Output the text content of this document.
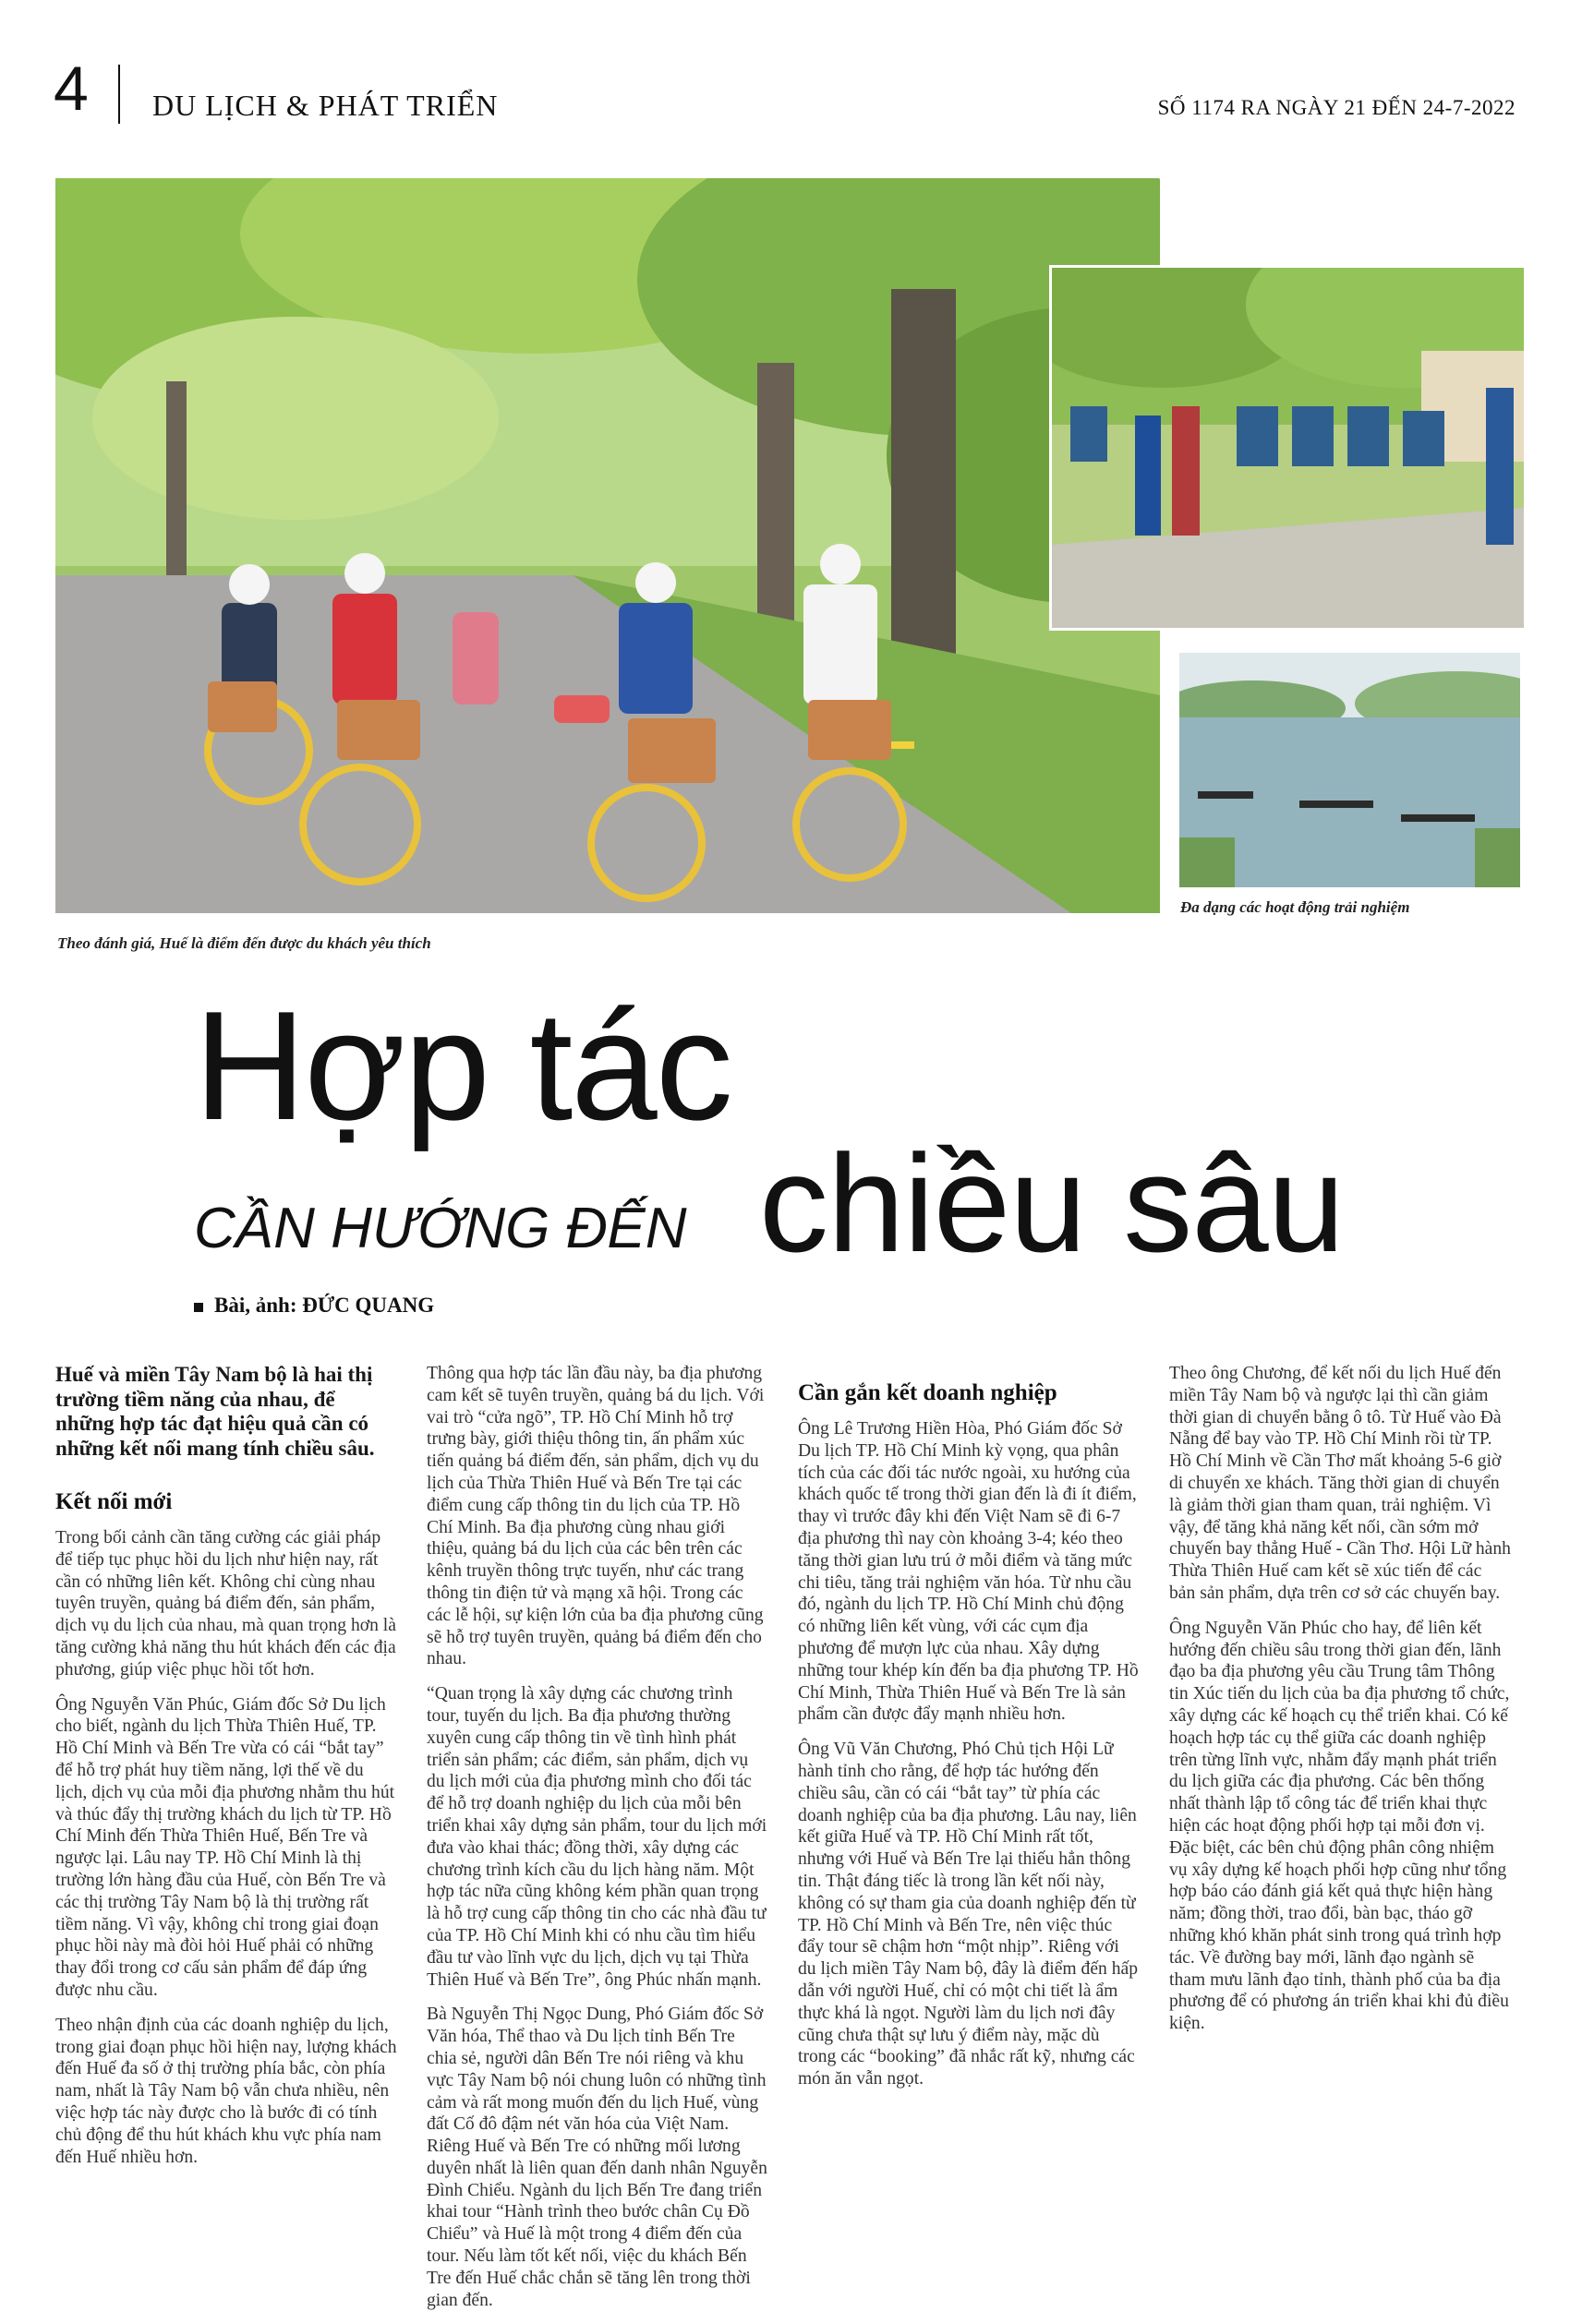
4 DU LỊCH & PHÁT TRIỂN	SỐ 1174 RA NGÀY 21 ĐẾN 24-7-2022
Theo đánh giá, Huế là điểm đến được du khách yêu thích
Đa dạng các hoạt động trải nghiệm
Hợp tác
CẦN HƯỚNG ĐẾN chiều sâu
Bài, ảnh: ĐỨC QUANG

Huế và miền Tây Nam bộ là hai thị trường tiềm năng của nhau, để những hợp tác đạt hiệu quả cần có những kết nối mang tính chiều sâu.

Kết nối mới

Trong bối cảnh cần tăng cường các giải pháp để tiếp tục phục hồi du lịch như hiện nay, rất cần có những liên kết. Không chỉ cùng nhau tuyên truyền, quảng bá điểm đến, sản phẩm, dịch vụ du lịch của nhau, mà quan trọng hơn là tăng cường khả năng thu hút khách đến các địa phương, giúp việc phục hồi tốt hơn.

Ông Nguyễn Văn Phúc, Giám đốc Sở Du lịch cho biết, ngành du lịch Thừa Thiên Huế, TP. Hồ Chí Minh và Bến Tre vừa có cái “bắt tay” để hỗ trợ phát huy tiềm năng, lợi thế về du lịch, dịch vụ của mỗi địa phương nhằm thu hút và thúc đẩy thị trường khách du lịch từ TP. Hồ Chí Minh đến Thừa Thiên Huế, Bến Tre và ngược lại. Lâu nay TP. Hồ Chí Minh là thị trường lớn hàng đầu của Huế, còn Bến Tre và các thị trường Tây Nam bộ là thị trường rất tiềm năng. Vì vậy, không chỉ trong giai đoạn phục hồi này mà đòi hỏi Huế phải có những thay đổi trong cơ cấu sản phẩm để đáp ứng được nhu cầu.

Theo nhận định của các doanh nghiệp du lịch, trong giai đoạn phục hồi hiện nay, lượng khách đến Huế đa số ở thị trường phía bắc, còn phía nam, nhất là Tây Nam bộ vẫn chưa nhiều, nên việc hợp tác này được cho là bước đi có tính chủ động để thu hút khách khu vực phía nam đến Huế nhiều hơn.

Thông qua hợp tác lần đầu này, ba địa phương cam kết sẽ tuyên truyền, quảng bá du lịch. Với vai trò “cửa ngõ”, TP. Hồ Chí Minh hỗ trợ trưng bày, giới thiệu thông tin, ấn phẩm xúc tiến quảng bá điểm đến, sản phẩm, dịch vụ du lịch của Thừa Thiên Huế và Bến Tre tại các điểm cung cấp thông tin du lịch của TP. Hồ Chí Minh. Ba địa phương cùng nhau giới thiệu, quảng bá du lịch của các bên trên các kênh truyền thông trực tuyến, như các trang thông tin điện tử và mạng xã hội. Trong các các lễ hội, sự kiện lớn của ba địa phương cũng sẽ hỗ trợ tuyên truyền, quảng bá điểm đến cho nhau.

“Quan trọng là xây dựng các chương trình tour, tuyến du lịch. Ba địa phương thường xuyên cung cấp thông tin về tình hình phát triển sản phẩm; các điểm, sản phẩm, dịch vụ du lịch mới của địa phương mình cho đối tác để hỗ trợ doanh nghiệp du lịch của mỗi bên triển khai xây dựng sản phẩm, tour du lịch mới đưa vào khai thác; đồng thời, xây dựng các chương trình kích cầu du lịch hàng năm. Một hợp tác nữa cũng không kém phần quan trọng là hỗ trợ cung cấp thông tin cho các nhà đầu tư của TP. Hồ Chí Minh khi có nhu cầu tìm hiểu đầu tư vào lĩnh vực du lịch, dịch vụ tại Thừa Thiên Huế và Bến Tre”, ông Phúc nhấn mạnh.

Bà Nguyễn Thị Ngọc Dung, Phó Giám đốc Sở Văn hóa, Thể thao và Du lịch tỉnh Bến Tre chia sẻ, người dân Bến Tre nói riêng và khu vực Tây Nam bộ nói chung luôn có những tình cảm và rất mong muốn đến du lịch Huế, vùng đất Cố đô đậm nét văn hóa của Việt Nam. Riêng Huế và Bến Tre có những mối lương duyên nhất là liên quan đến danh nhân Nguyễn Đình Chiểu. Ngành du lịch Bến Tre đang triển khai tour “Hành trình theo bước chân Cụ Đồ Chiểu” và Huế là một trong 4 điểm đến của tour. Nếu làm tốt kết nối, việc du khách Bến Tre đến Huế chắc chắn sẽ tăng lên trong thời gian đến.

Cần gắn kết doanh nghiệp

Ông Lê Trương Hiền Hòa, Phó Giám đốc Sở Du lịch TP. Hồ Chí Minh kỳ vọng, qua phân tích của các đối tác nước ngoài, xu hướng của khách quốc tế trong thời gian đến là đi ít điểm, thay vì trước đây khi đến Việt Nam sẽ đi 6-7 địa phương thì nay còn khoảng 3-4; kéo theo tăng thời gian lưu trú ở mỗi điểm và tăng mức chi tiêu, tăng trải nghiệm văn hóa. Từ nhu cầu đó, ngành du lịch TP. Hồ Chí Minh chủ động có những liên kết vùng, với các cụm địa phương để mượn lực của nhau. Xây dựng những tour khép kín đến ba địa phương TP. Hồ Chí Minh, Thừa Thiên Huế và Bến Tre là sản phẩm cần được đẩy mạnh nhiều hơn.

Ông Vũ Văn Chương, Phó Chủ tịch Hội Lữ hành tỉnh cho rằng, để hợp tác hướng đến chiều sâu, cần có cái “bắt tay” từ phía các doanh nghiệp của ba địa phương. Lâu nay, liên kết giữa Huế và TP. Hồ Chí Minh rất tốt, nhưng với Huế và Bến Tre lại thiếu hẳn thông tin. Thật đáng tiếc là trong lần kết nối này, không có sự tham gia của doanh nghiệp đến từ TP. Hồ Chí Minh và Bến Tre, nên việc thúc đẩy tour sẽ chậm hơn “một nhịp”. Riêng với du lịch miền Tây Nam bộ, đây là điểm đến hấp dẫn với người Huế, chỉ có một chi tiết là ẩm thực khá là ngọt. Người làm du lịch nơi đây cũng chưa thật sự lưu ý điểm này, mặc dù trong các “booking” đã nhắc rất kỹ, nhưng các món ăn vẫn ngọt.

Theo ông Chương, để kết nối du lịch Huế đến miền Tây Nam bộ và ngược lại thì cần giảm thời gian di chuyển bằng ô tô. Từ Huế vào Đà Nẵng để bay vào TP. Hồ Chí Minh rồi từ TP. Hồ Chí Minh về Cần Thơ mất khoảng 5-6 giờ di chuyển xe khách. Tăng thời gian di chuyển là giảm thời gian tham quan, trải nghiệm. Vì vậy, để tăng khả năng kết nối, cần sớm mở chuyến bay thẳng Huế - Cần Thơ. Hội Lữ hành Thừa Thiên Huế cam kết sẽ xúc tiến để các bản sản phẩm, dựa trên cơ sở các chuyến bay.

Ông Nguyễn Văn Phúc cho hay, để liên kết hướng đến chiều sâu trong thời gian đến, lãnh đạo ba địa phương yêu cầu Trung tâm Thông tin Xúc tiến du lịch của ba địa phương tổ chức, xây dựng các kế hoạch cụ thể triển khai. Có kế hoạch hợp tác cụ thể giữa các doanh nghiệp trên từng lĩnh vực, nhằm đẩy mạnh phát triển du lịch giữa các địa phương. Các bên thống nhất thành lập tổ công tác để triển khai thực hiện các hoạt động phối hợp tại mỗi đơn vị. Đặc biệt, các bên chủ động phân công nhiệm vụ xây dựng kế hoạch phối hợp cũng như tổng hợp báo cáo đánh giá kết quả thực hiện hàng năm; đồng thời, trao đổi, bàn bạc, tháo gỡ những khó khăn phát sinh trong quá trình hợp tác. Về đường bay mới, lãnh đạo ngành sẽ tham mưu lãnh đạo tỉnh, thành phố của ba địa phương để có phương án triển khai khi đủ điều kiện.
